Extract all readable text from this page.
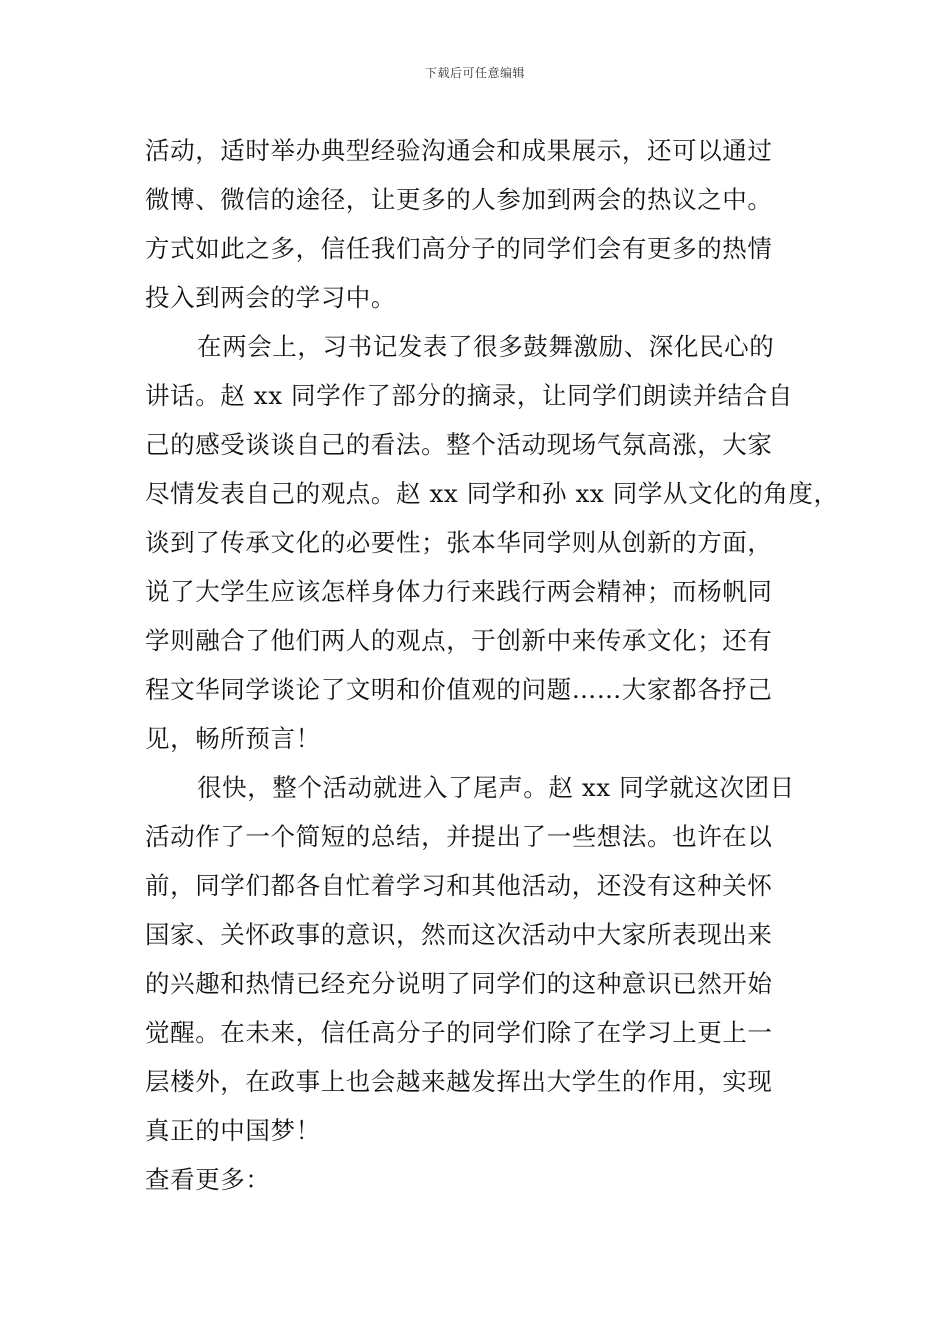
下载后可任意编辑
活动，适时举办典型经验沟通会和成果展示，还可以通过
微博、微信的途径，让更多的人参加到两会的热议之中。
方式如此之多，信任我们高分子的同学们会有更多的热情
投入到两会的学习中。
在两会上，习书记发表了很多鼓舞激励、深化民心的
讲话。赵 xx 同学作了部分的摘录，让同学们朗读并结合自
己的感受谈谈自己的看法。整个活动现场气氛高涨，大家
尽情发表自己的观点。赵 xx 同学和孙 xx 同学从文化的角度，
谈到了传承文化的必要性；张本华同学则从创新的方面，
说了大学生应该怎样身体力行来践行两会精神；而杨帆同
学则融合了他们两人的观点，于创新中来传承文化；还有
程文华同学谈论了文明和价值观的问题……大家都各抒己
见，畅所预言！
很快，整个活动就进入了尾声。赵 xx 同学就这次团日
活动作了一个简短的总结，并提出了一些想法。也许在以
前，同学们都各自忙着学习和其他活动，还没有这种关怀
国家、关怀政事的意识，然而这次活动中大家所表现出来
的兴趣和热情已经充分说明了同学们的这种意识已然开始
觉醒。在未来，信任高分子的同学们除了在学习上更上一
层楼外，在政事上也会越来越发挥出大学生的作用，实现
真正的中国梦！
查看更多：
